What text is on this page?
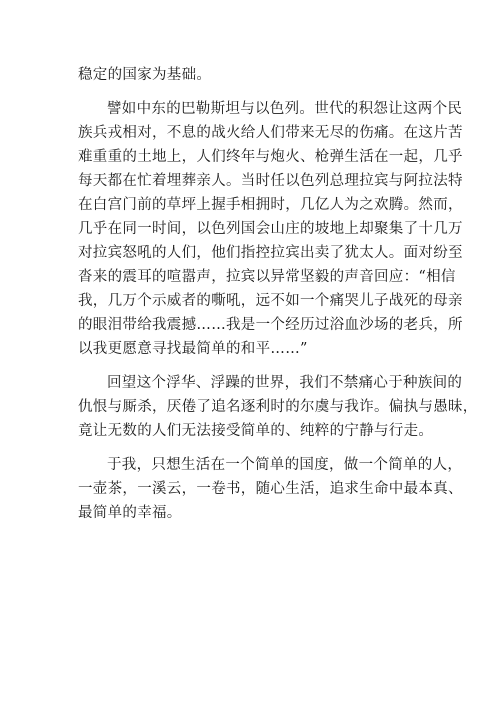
稳定的国家为基础。
譬如中东的巴勒斯坦与以色列。世代的积怨让这两个民
族兵戎相对，不息的战火给人们带来无尽的伤痛。在这片苦
难重重的土地上，人们终年与炮火、枪弹生活在一起，几乎
每天都在忙着埋葬亲人。当时任以色列总理拉宾与阿拉法特
在白宫门前的草坪上握手相拥时，几亿人为之欢腾。然而，
几乎在同一时间，以色列国会山庄的坡地上却聚集了十几万
对拉宾怒吼的人们，他们指控拉宾出卖了犹太人。面对纷至
沓来的震耳的喧嚣声，拉宾以异常坚毅的声音回应：“相信
我，几万个示威者的嘶吼，远不如一个痛哭儿子战死的母亲
的眼泪带给我震撼……我是一个经历过浴血沙场的老兵，所
以我更愿意寻找最简单的和平……”
回望这个浮华、浮躁的世界，我们不禁痛心于种族间的
仇恨与厮杀，厌倦了追名逐利时的尔虞与我诈。偏执与愚昧，
竟让无数的人们无法接受简单的、纯粹的宁静与行走。
于我，只想生活在一个简单的国度，做一个简单的人，
一壶茶，一溪云，一卷书，随心生活，追求生命中最本真、
最简单的幸福。
